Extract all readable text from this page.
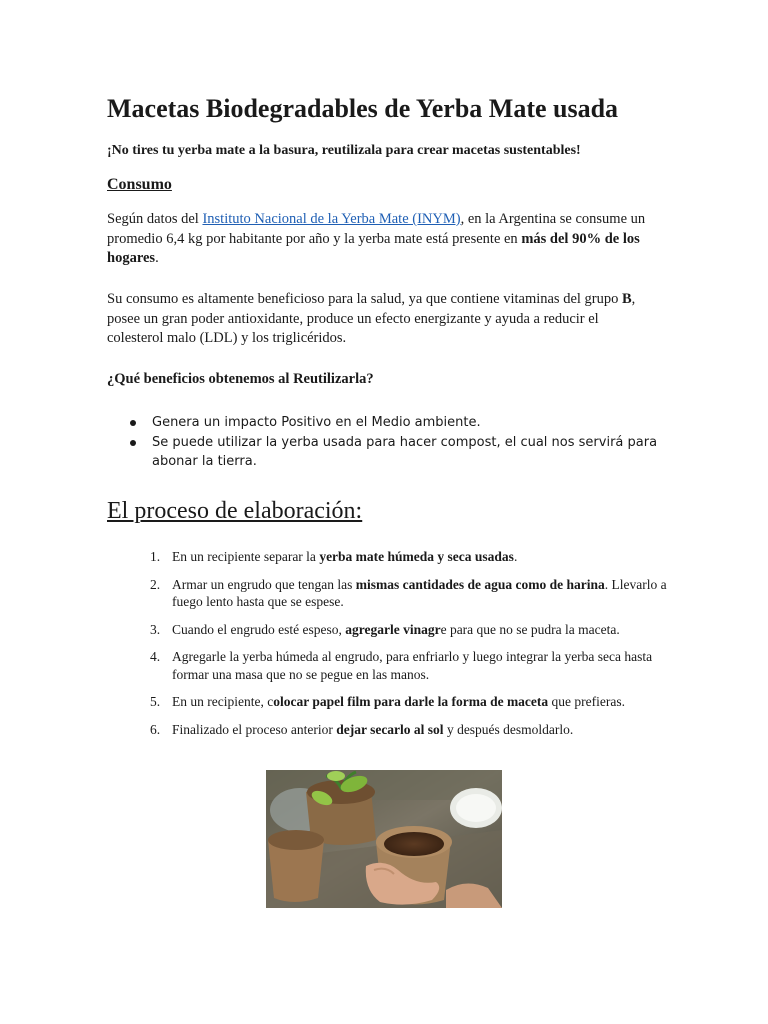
Macetas Biodegradables de Yerba Mate usada

¡No tires tu yerba mate a la basura, reutilizala para crear macetas sustentables!

Consumo

Según datos del Instituto Nacional de la Yerba Mate (INYM), en la Argentina se consume un promedio 6,4 kg por habitante por año y la yerba mate está presente en más del 90% de los hogares.

Su consumo es altamente beneficioso para la salud, ya que contiene vitaminas del grupo B, posee un gran poder antioxidante, produce un efecto energizante y ayuda a reducir el colesterol malo (LDL) y los triglicéridos.

¿Qué beneficios obtenemos al Reutilizarla?

Genera un impacto Positivo en el Medio ambiente.
Se puede utilizar la yerba usada para hacer compost, el cual nos servirá para abonar la tierra.
El proceso de elaboración:
1. En un recipiente separar la yerba mate húmeda y seca usadas.
2. Armar un engrudo que tengan las mismas cantidades de agua como de harina. Llevarlo a fuego lento hasta que se espese.
3. Cuando el engrudo esté espeso, agregarle vinagre para que no se pudra la maceta.
4. Agregarle la yerba húmeda al engrudo, para enfriarlo y luego integrar la yerba seca hasta formar una masa que no se pegue en las manos.
5. En un recipiente, colocar papel film para darle la forma de maceta que prefieras.
6. Finalizado el proceso anterior dejar secarlo al sol y después desmoldarlo.
